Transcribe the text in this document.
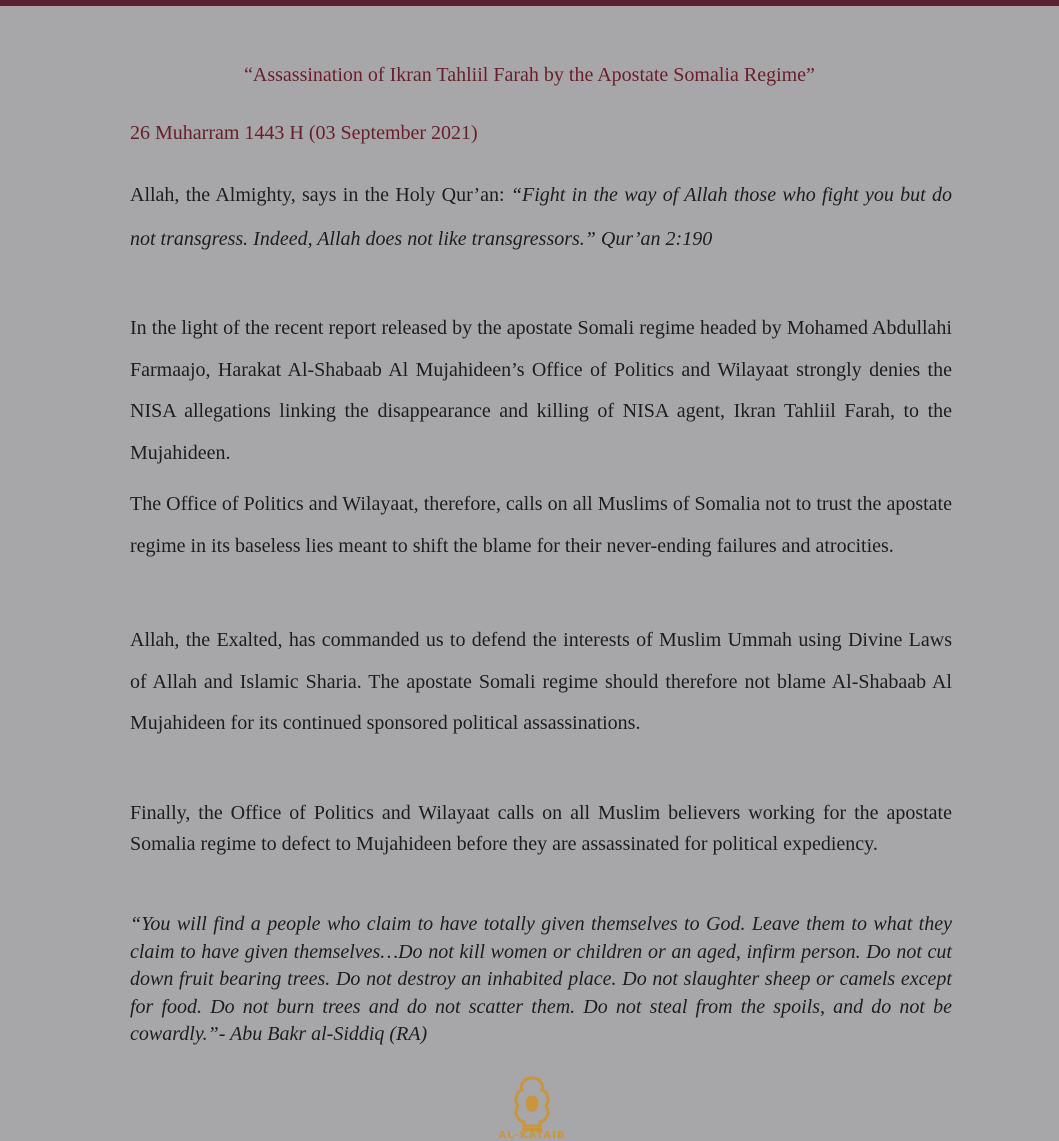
“Assassination of Ikran Tahliil Farah by the Apostate Somalia Regime”
26 Muharram 1443 H (03 September 2021)
Allah, the Almighty, says in the Holy Qur’an: “Fight in the way of Allah those who fight you but do not transgress. Indeed, Allah does not like transgressors.” Qur’an 2:190
In the light of the recent report released by the apostate Somali regime headed by Mohamed Abdullahi Farmaajo, Harakat Al-Shabaab Al Mujahideen’s Office of Politics and Wilayaat strongly denies the NISA allegations linking the disappearance and killing of NISA agent, Ikran Tahliil Farah, to the Mujahideen.
The Office of Politics and Wilayaat, therefore, calls on all Muslims of Somalia not to trust the apostate regime in its baseless lies meant to shift the blame for their never-ending failures and atrocities.
Allah, the Exalted, has commanded us to defend the interests of Muslim Ummah using Divine Laws of Allah and Islamic Sharia. The apostate Somali regime should therefore not blame Al-Shabaab Al Mujahideen for its continued sponsored political assassinations.
Finally, the Office of Politics and Wilayaat calls on all Muslim believers working for the apostate Somalia regime to defect to Mujahideen before they are assassinated for political expediency.
“You will find a people who claim to have totally given themselves to God. Leave them to what they claim to have given themselves…Do not kill women or children or an aged, infirm person. Do not cut down fruit bearing trees. Do not destroy an inhabited place. Do not slaughter sheep or camels except for food. Do not burn trees and do not scatter them. Do not steal from the spoils, and do not be cowardly.”- Abu Bakr al-Siddiq (RA)
AL-KATAIB
